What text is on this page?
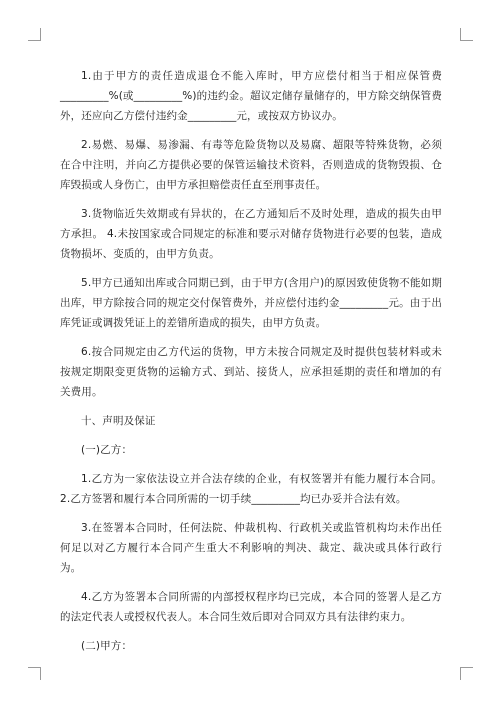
1.由于甲方的责任造成退仓不能入库时，甲方应偿付相当于相应保管费_________%(或_________%)的违约金。超议定储存量储存的，甲方除交纳保管费外，还应向乙方偿付违约金_________元，或按双方协议办。

2.易燃、易爆、易渗漏、有毒等危险货物以及易腐、超限等特殊货物，必须在合中注明，并向乙方提供必要的保管运输技术资料，否则造成的货物毁损、仓库毁损或人身伤亡，由甲方承担赔偿责任直至刑事责任。

3.货物临近失效期或有异状的，在乙方通知后不及时处理，造成的损失由甲方承担。 4.未按国家或合同规定的标准和要示对储存货物进行必要的包装，造成货物损坏、变质的，由甲方负责。

5.甲方已通知出库或合同期已到，由于甲方(含用户)的原因致使货物不能如期出库，甲方除按合同的规定交付保管费外，并应偿付违约金_________元。由于出库凭证或调拨凭证上的差错所造成的损失，由甲方负责。

6.按合同规定由乙方代运的货物，甲方未按合同规定及时提供包装材料或未按规定期限变更货物的运输方式、到站、接货人，应承担延期的责任和增加的有关费用。

十、声明及保证

(一)乙方：

1.乙方为一家依法设立并合法存续的企业，有权签署并有能力履行本合同。 2.乙方签署和履行本合同所需的一切手续_________均已办妥并合法有效。

3.在签署本合同时，任何法院、仲裁机构、行政机关或监管机构均未作出任何足以对乙方履行本合同产生重大不利影响的判决、裁定、裁决或具体行政行为。

4.乙方为签署本合同所需的内部授权程序均已完成，本合同的签署人是乙方的法定代表人或授权代表人。本合同生效后即对合同双方具有法律约束力。

(二)甲方：
